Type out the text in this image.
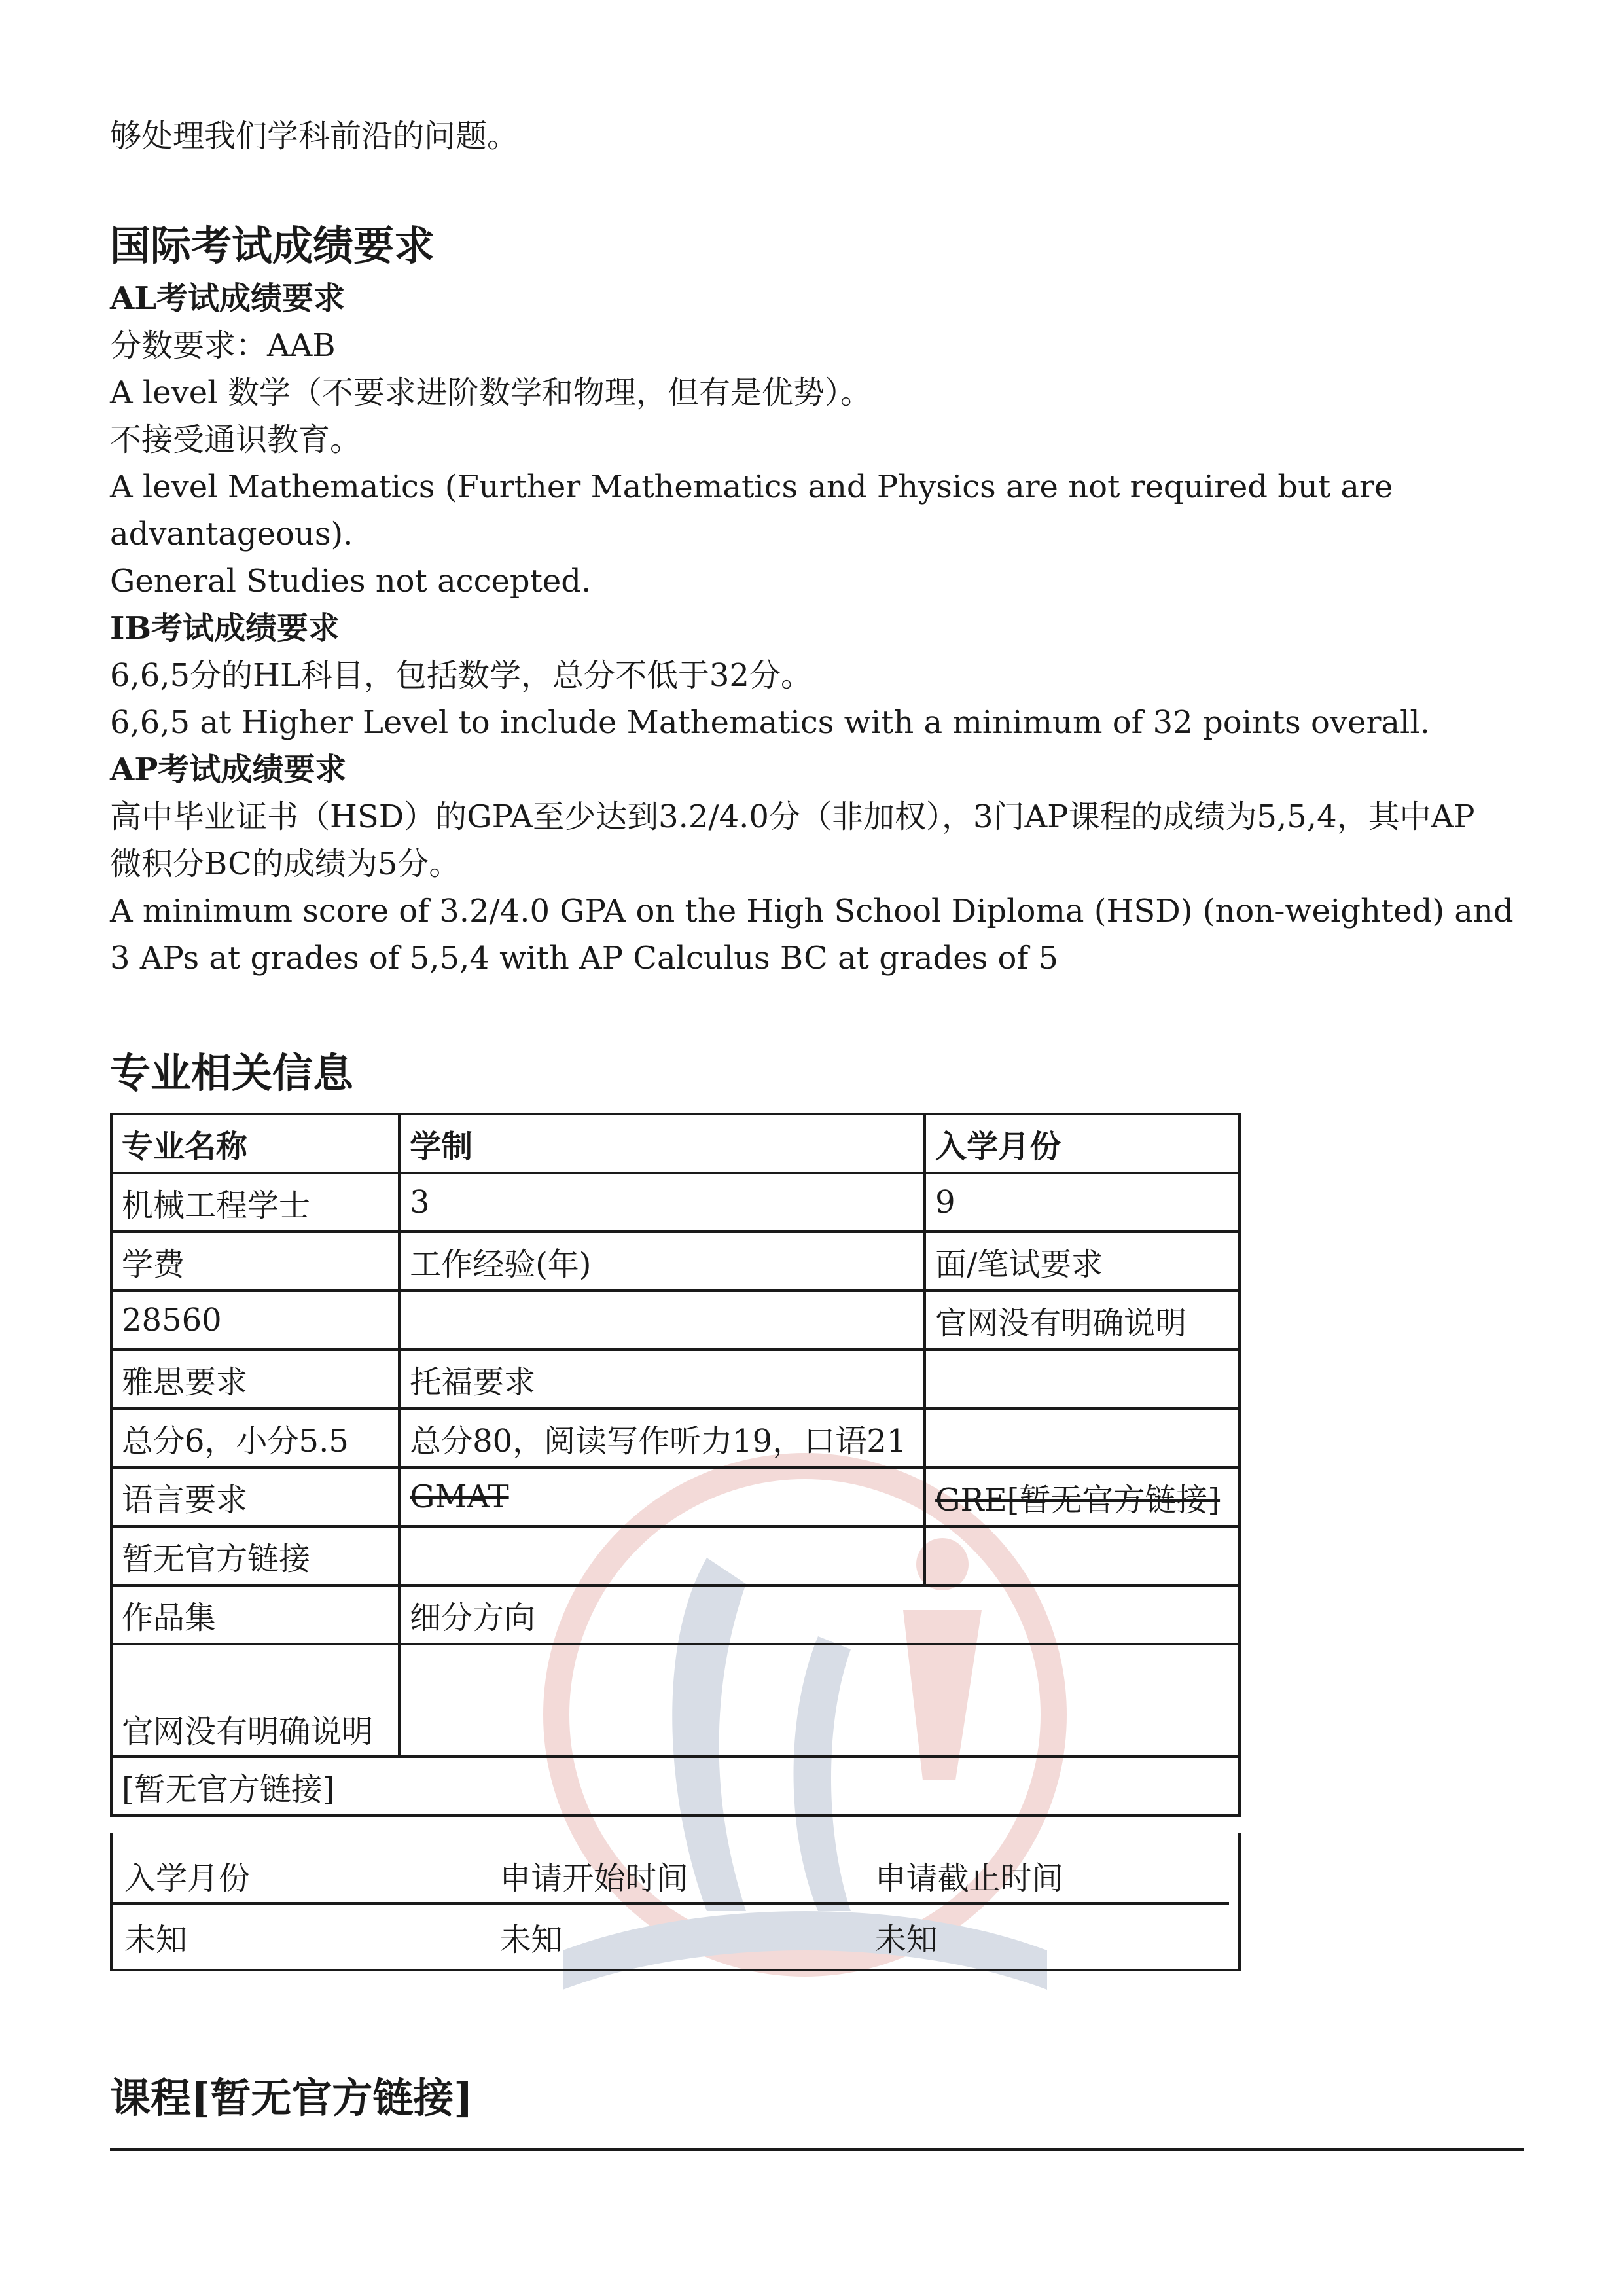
够处理我们学科前沿的问题。

国际考试成绩要求
AL考试成绩要求

分数要求：AAB

A level 数学（不要求进阶数学和物理，但有是优势）。

不接受通识教育。

A level Mathematics (Further Mathematics and Physics are not required but are

advantageous).

General Studies not accepted.

IB考试成绩要求

6,6,5分的HL科目，包括数学，总分不低于32分。

6,6,5 at Higher Level to include Mathematics with a minimum of 32 points overall.

AP考试成绩要求

高中毕业证书（HSD）的GPA至少达到3.2/4.0分（非加权），3门AP课程的成绩为5,5,4，其中AP

微积分BC的成绩为5分。

A minimum score of 3.2/4.0 GPA on the High School Diploma (HSD) (non-weighted) and

3 APs at grades of 5,5,4 with AP Calculus BC at grades of 5

专业相关信息
专业名称	学制	入学月份
机械工程学士	3	9
学费	工作经验(年)	面/笔试要求
28560		官网没有明确说明
雅思要求	托福要求	
总分6，小分5.5	总分80，阅读写作听力19，口语21	
语言要求	GMAT	GRE[暂无官方链接]
暂无官方链接		
作品集	细分方向	
官网没有明确说明		
[暂无官方链接]		
入学月份	申请开始时间	申请截止时间
未知	未知	未知
课程[暂无官方链接]
